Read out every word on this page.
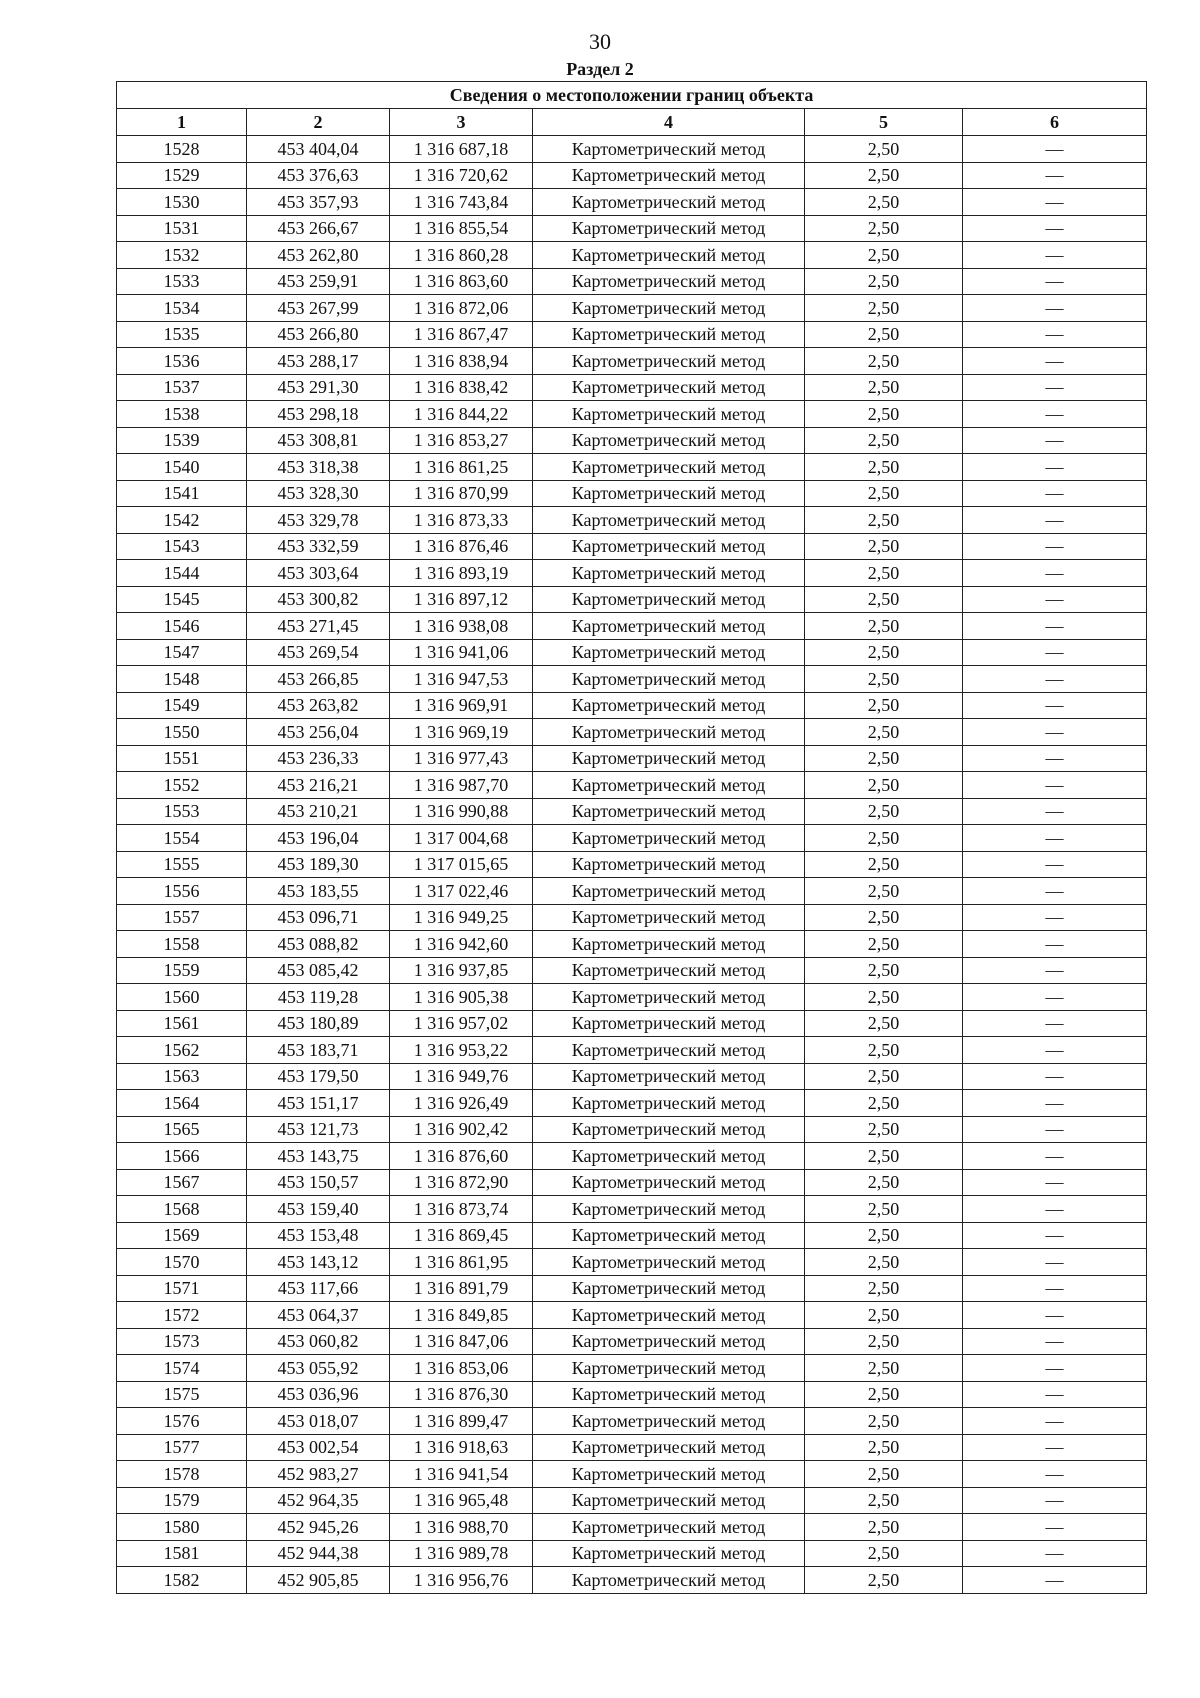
30
Раздел 2
Сведения о местоположении границ объекта					
1	2	3	4	5	6
1528	453 404,04	1 316 687,18	Картометрический метод	2,50	—
1529	453 376,63	1 316 720,62	Картометрический метод	2,50	—
1530	453 357,93	1 316 743,84	Картометрический метод	2,50	—
1531	453 266,67	1 316 855,54	Картометрический метод	2,50	—
1532	453 262,80	1 316 860,28	Картометрический метод	2,50	—
1533	453 259,91	1 316 863,60	Картометрический метод	2,50	—
1534	453 267,99	1 316 872,06	Картометрический метод	2,50	—
1535	453 266,80	1 316 867,47	Картометрический метод	2,50	—
1536	453 288,17	1 316 838,94	Картометрический метод	2,50	—
1537	453 291,30	1 316 838,42	Картометрический метод	2,50	—
1538	453 298,18	1 316 844,22	Картометрический метод	2,50	—
1539	453 308,81	1 316 853,27	Картометрический метод	2,50	—
1540	453 318,38	1 316 861,25	Картометрический метод	2,50	—
1541	453 328,30	1 316 870,99	Картометрический метод	2,50	—
1542	453 329,78	1 316 873,33	Картометрический метод	2,50	—
1543	453 332,59	1 316 876,46	Картометрический метод	2,50	—
1544	453 303,64	1 316 893,19	Картометрический метод	2,50	—
1545	453 300,82	1 316 897,12	Картометрический метод	2,50	—
1546	453 271,45	1 316 938,08	Картометрический метод	2,50	—
1547	453 269,54	1 316 941,06	Картометрический метод	2,50	—
1548	453 266,85	1 316 947,53	Картометрический метод	2,50	—
1549	453 263,82	1 316 969,91	Картометрический метод	2,50	—
1550	453 256,04	1 316 969,19	Картометрический метод	2,50	—
1551	453 236,33	1 316 977,43	Картометрический метод	2,50	—
1552	453 216,21	1 316 987,70	Картометрический метод	2,50	—
1553	453 210,21	1 316 990,88	Картометрический метод	2,50	—
1554	453 196,04	1 317 004,68	Картометрический метод	2,50	—
1555	453 189,30	1 317 015,65	Картометрический метод	2,50	—
1556	453 183,55	1 317 022,46	Картометрический метод	2,50	—
1557	453 096,71	1 316 949,25	Картометрический метод	2,50	—
1558	453 088,82	1 316 942,60	Картометрический метод	2,50	—
1559	453 085,42	1 316 937,85	Картометрический метод	2,50	—
1560	453 119,28	1 316 905,38	Картометрический метод	2,50	—
1561	453 180,89	1 316 957,02	Картометрический метод	2,50	—
1562	453 183,71	1 316 953,22	Картометрический метод	2,50	—
1563	453 179,50	1 316 949,76	Картометрический метод	2,50	—
1564	453 151,17	1 316 926,49	Картометрический метод	2,50	—
1565	453 121,73	1 316 902,42	Картометрический метод	2,50	—
1566	453 143,75	1 316 876,60	Картометрический метод	2,50	—
1567	453 150,57	1 316 872,90	Картометрический метод	2,50	—
1568	453 159,40	1 316 873,74	Картометрический метод	2,50	—
1569	453 153,48	1 316 869,45	Картометрический метод	2,50	—
1570	453 143,12	1 316 861,95	Картометрический метод	2,50	—
1571	453 117,66	1 316 891,79	Картометрический метод	2,50	—
1572	453 064,37	1 316 849,85	Картометрический метод	2,50	—
1573	453 060,82	1 316 847,06	Картометрический метод	2,50	—
1574	453 055,92	1 316 853,06	Картометрический метод	2,50	—
1575	453 036,96	1 316 876,30	Картометрический метод	2,50	—
1576	453 018,07	1 316 899,47	Картометрический метод	2,50	—
1577	453 002,54	1 316 918,63	Картометрический метод	2,50	—
1578	452 983,27	1 316 941,54	Картометрический метод	2,50	—
1579	452 964,35	1 316 965,48	Картометрический метод	2,50	—
1580	452 945,26	1 316 988,70	Картометрический метод	2,50	—
1581	452 944,38	1 316 989,78	Картометрический метод	2,50	—
1582	452 905,85	1 316 956,76	Картометрический метод	2,50	—
